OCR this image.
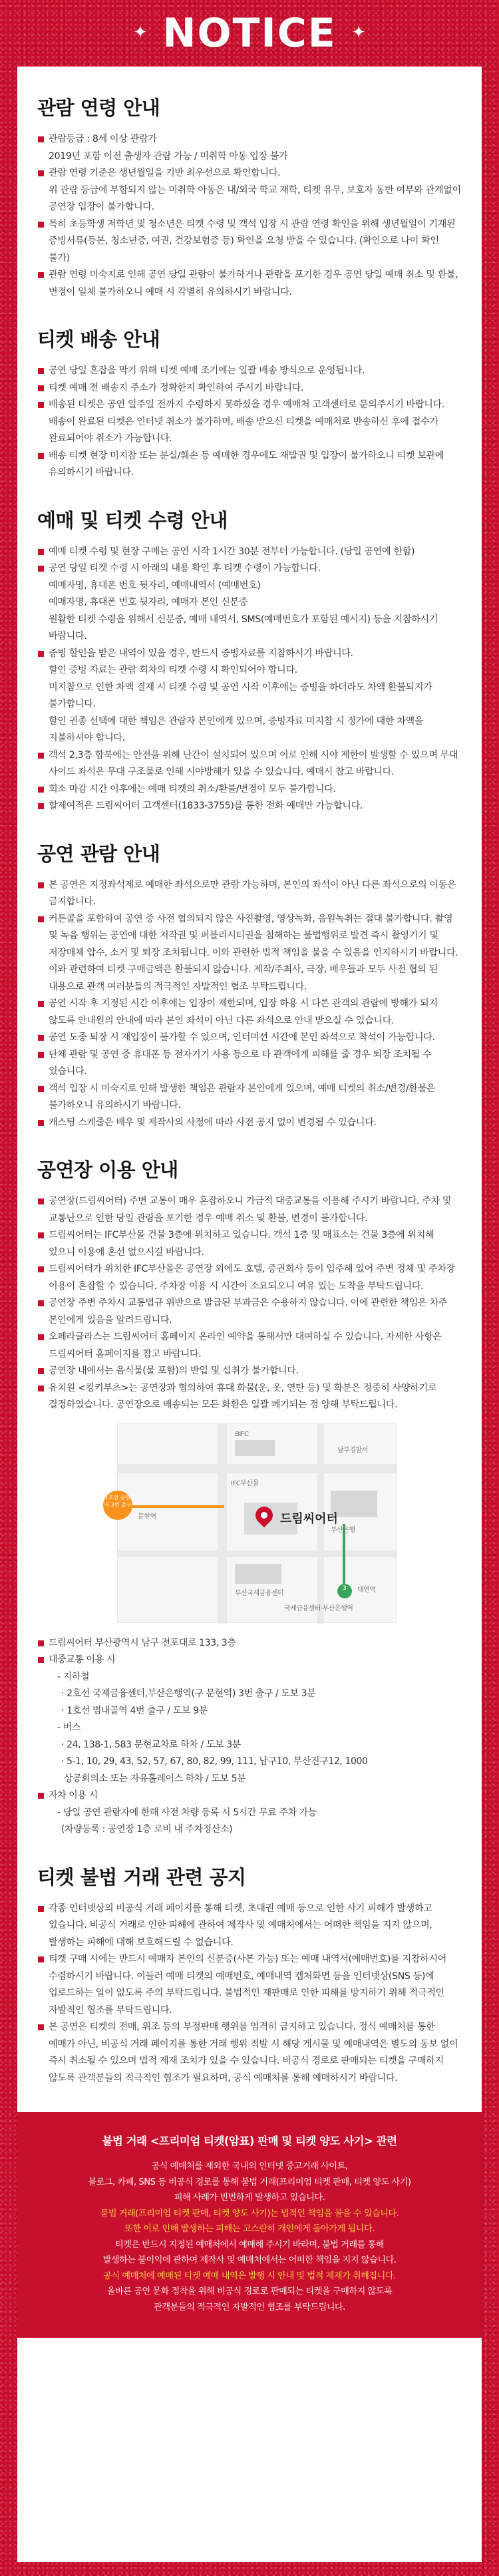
✦ NOTICE ✦
관람 연령 안내
관람등급 : 8세 이상 관람가
2019년 포함 이전 출생자 관람 가능 / 미취학 아동 입장 불가
관람 연령 기준은 생년월일을 기반 최우선으로 확인합니다.
위 관람 등급에 부합되지 않는 미취학 아동은 내/외국 학교 재학, 티켓 유무, 보호자 동반 여부와 관계없이 공연장 입장이 불가합니다.
특히 초등학생 저학년 및 청소년은 티켓 수령 및 객석 입장 시 관람 연령 확인을 위해 생년월일이 기재된 증빙서류(등본, 청소년증, 여권, 건강보험증 등) 확인을 요청 받을 수 있습니다. (확인으로 나이 확인 불가)
관람 연령 미숙지로 인해 공연 당일 관람이 불가하거나 관람을 포기한 경우 공연 당일 예매 취소 및 환불, 변경이 일체 불가하오니 예매 시 각별히 유의하시기 바랍니다.
티켓 배송 안내
공연 당일 혼잡을 막기 위해 티켓 예매 조기에는 일괄 배송 방식으로 운영됩니다.
티켓 예매 전 배송지 주소가 정확한지 확인하여 주시기 바랍니다.
배송된 티켓은 공연 일주일 전까지 수령하지 못하셨을 경우 예매처 고객센터로 문의주시기 바랍니다. 배송이 완료된 티켓은 인터넷 취소가 불가하며, 배송 받으신 티켓을 예매처로 반송하신 후에 접수가 완료되어야 취소가 가능합니다.
배송 티켓 현장 미지참 또는 분실/훼손 등 예매한 경우에도 재발권 및 입장이 불가하오니 티켓 보관에 유의하시기 바랍니다.
예매 및 티켓 수령 안내
예매 티켓 수령 및 현장 구매는 공연 시작 1시간 30분 전부터 가능합니다. (당일 공연에 한함)
공연 당일 티켓 수령 시 아래의 내용 확인 후 티켓 수령이 가능합니다.
예매자명, 휴대폰 번호 뒷자리, 예매내역서 (예매번호)
예매자명, 휴대폰 번호 뒷자리, 예매자 본인 신분증
원활한 티켓 수령을 위해서 신분증, 예매 내역서, SMS(예매번호가 포함된 예시지) 등을 지참하시기 바랍니다.
증빙 할인을 받은 내역이 있을 경우, 반드시 증빙자료를 지참하시기 바랍니다.
할인 증빙 자료는 관람 회차의 티켓 수령 시 확인되어야 합니다.
미지참으로 인한 차액 결제 시 티켓 수령 및 공연 시작 이후에는 증빙을 하더라도 차액 환불되지가 불가합니다.
할인 권종 선택에 대한 책임은 관람자 본인에게 있으며, 증빙자료 미지참 시 정가에 대한 차액을 지불하셔야 합니다.
객석 2,3층 합북에는 안전을 위해 난간이 설치되어 있으며 이로 인해 시야 제한이 발생할 수 있으며 무대 사이드 좌석은 무대 구조물로 인해 시야방해가 있을 수 있습니다. 예매시 참고 바랍니다.
회소 마감 시간 이후에는 예매 티켓의 취소/환불/변경이 모두 불가합니다.
할제여적은 드림씨어터 고객센터(1833-3755)를 통한 전화 예매만 가능합니다.
공연 관람 안내
본 공연은 지정좌석제로 예매한 좌석으로만 관람 가능하며, 본인의 좌석이 아닌 다른 좌석으로의 이동은 금지합니다.
커튼콜을 포함하여 공연 중 사전 협의되지 않은 사진촬영, 영상녹화, 음원녹취는 절대 불가합니다. 촬영 및 녹음 행위는 공연에 대한 저작권 및 퍼블리시티권을 침해하는 불법행위로 발견 즉시 촬영기기 및 저장매체 압수, 소거 및 퇴장 조치됩니다. 이와 관련한 법적 책임을 물을 수 있음을 인지하시기 바랍니다. 이와 관련하여 티켓 구매금액은 환불되지 않습니다. 제작/주최사, 극장, 배우들과 모두 사전 협의 된 내용으로 관객 여러분들의 적극적인 자발적인 협조 부탁드립니다.
공연 시작 후 지정된 시간 이후에는 입장이 제한되며, 입장 하용 시 다른 관객의 관람에 방해가 되지 않도록 안내원의 안내에 따라 본인 좌석이 아닌 다른 좌석으로 안내 받으실 수 있습니다.
공연 도중 퇴장 시 재입장이 불가할 수 있으며, 인터미션 시간에 본인 좌석으로 착석이 가능합니다.
단체 관람 및 공연 중 휴대폰 등 전자기기 사용 등으로 타 관객에게 피해를 줄 경우 퇴장 조치될 수 있습니다.
객석 입장 시 미숙지로 인해 발생한 책임은 관람자 본인에게 있으며, 예매 티켓의 취소/변경/환불은 불가하오니 유의하시기 바랍니다.
캐스팅 스케줄은 배우 및 제작사의 사정에 따라 사전 공지 없이 변경될 수 있습니다.
공연장 이용 안내
공연장(드림씨어터) 주변 교통이 매우 혼잡하오니 가급적 대중교통을 이용해 주시기 바랍니다. 주차 및 교통난으로 인한 당일 관람을 포기한 경우 예매 취소 및 환불, 변경이 불가합니다.
드림씨어터는 IFC부산몰 건물 3층에 위치하고 있습니다. 객석 1층 및 매표소는 건물 3층에 위치해 있으니 이용에 혼선 없으시길 바랍니다.
드림씨어터가 위치한 IFC부산몰은 공연장 외에도 호텔, 증권회사 등이 입주해 있어 주변 정체 및 주차장 이용이 혼잡할 수 있습니다. 주차장 이용 시 시간이 소요되오니 여유 있는 도착을 부탁드립니다.
공연장 주변 주차시 교통법규 위반으로 발급된 부과금은 수용하지 않습니다. 이에 관련한 책임은 차주 본인에게 있음을 알려드립니다.
오페라글라스는 드림씨어터 홈페이지 온라인 예약을 통해서만 대여하실 수 있습니다. 자세한 사항은 드림씨어터 홈페이지를 참고 바랍니다.
공연장 내에서는 음식물(물 포함)의 반입 및 섭취가 불가합니다.
유치원 <킹키부츠>는 공연장과 협의하여 휴대 화물(운, 옷, 연탄 등) 및 화분은 정중히 사양하기로 결정하였습니다. 공연장으로 배송되는 모든 화환은 일괄 폐기되는 점 양해 부탁드립니다.
드림씨어터
IFC부산몰
BIFC
문현역
부산국제금융센터
남부경찰서
부산은행
국제금융센터·부산은행역
대연역
1호선 문현역 3번 출구
3
드림씨어터 부산광역시 남구 전포대로 133, 3층
대중교통 이용 시
- 지하철
· 2호선 국제금융센터,부산은행역(구 문현역) 3번 출구 / 도보 3분
· 1호선 범내골역 4번 출구 / 도보 9분
- 버스
· 24, 138-1, 583 문현교차로 하차 / 도보 3분
· 5-1, 10, 29, 43, 52, 57, 67, 80, 82, 99, 111, 남구10, 부산진구12, 1000
상공회의소 또는 자유홀레이스 하차 / 도보 5분
자차 이용 시
- 당일 공연 관람자에 한해 사전 차량 등록 시 5시간 무료 주차 가능
(차량등록 : 공연장 1층 로비 내 주차정산소)
티켓 불법 거래 관련 공지
각종 인터넷상의 비공식 거래 페이지를 통해 티켓, 초대권 예매 등으로 인한 사기 피해가 발생하고 있습니다. 비공식 거래로 인한 피해에 관하여 제작사 및 예매처에서는 어떠한 책임을 지지 않으며, 발생하는 피해에 대해 보호해드릴 수 없습니다.
티켓 구매 시에는 반드시 예매자 본인의 신분증(사본 가능) 또는 예매 내역서(예매번호)를 지참하시어 수령하시기 바랍니다. 이들러 예매 티켓의 예매번호, 예매내역 캡처화면 등을 인터넷상(SNS 등)에 업로드하는 일이 없도록 주의 부탁드립니다. 불법적인 재판매로 인한 피해를 방지하기 위해 적극적인 자발적인 협조를 부탁드립니다.
본 공연은 티켓의 전매, 위조 등의 부정판매 행위를 엄격히 금지하고 있습니다. 정식 예매처를 통한 예매가 아닌, 비공식 거래 페이지를 통한 거래 행위 적발 시 해당 게시물 및 예매내역은 별도의 동보 없이 즉시 취소될 수 있으며 법적 제재 조치가 있을 수 있습니다. 비공식 경로로 판매되는 티켓을 구매하지 않도록 관객분들의 적극적인 협조가 필요하며, 공식 예매처를 통해 예매하시기 바랍니다.
불법 거래 <프리미엄 티켓(암표) 판매 및 티켓 양도 사기> 관련

공식 예매처를 제외한 국내외 인터넷 중고거래 사이트,

블로그, 카페, SNS 등 비공식 경로를 통해 불법 거래(프리미엄 티켓 판매, 티켓 양도 사기)

피해 사례가 빈번하게 발생하고 있습니다.

불법 거래(프리미엄 티켓 판매, 티켓 양도 사기)는 법적인 책임을 물을 수 있습니다.

또한 이로 인해 발생하는 피해는 고스란히 개인에게 돌아가게 됩니다.

티켓은 반드시 지정된 예매처에서 예매해 주시기 바라며, 불법 거래를 통해

발생하는 불이익에 관하여 제작사 및 예매처에서는 어떠한 책임을 지지 않습니다.

공식 예매처에 예매된 티켓 예매 내역은 발행 시 안내 및 법적 제재가 취해집니다.

올바른 공연 문화 정착을 위해 비공식 경로로 판매되는 티켓을 구매하지 않도록

관객분들의 적극적인 자발적인 협조를 부탁드립니다.
